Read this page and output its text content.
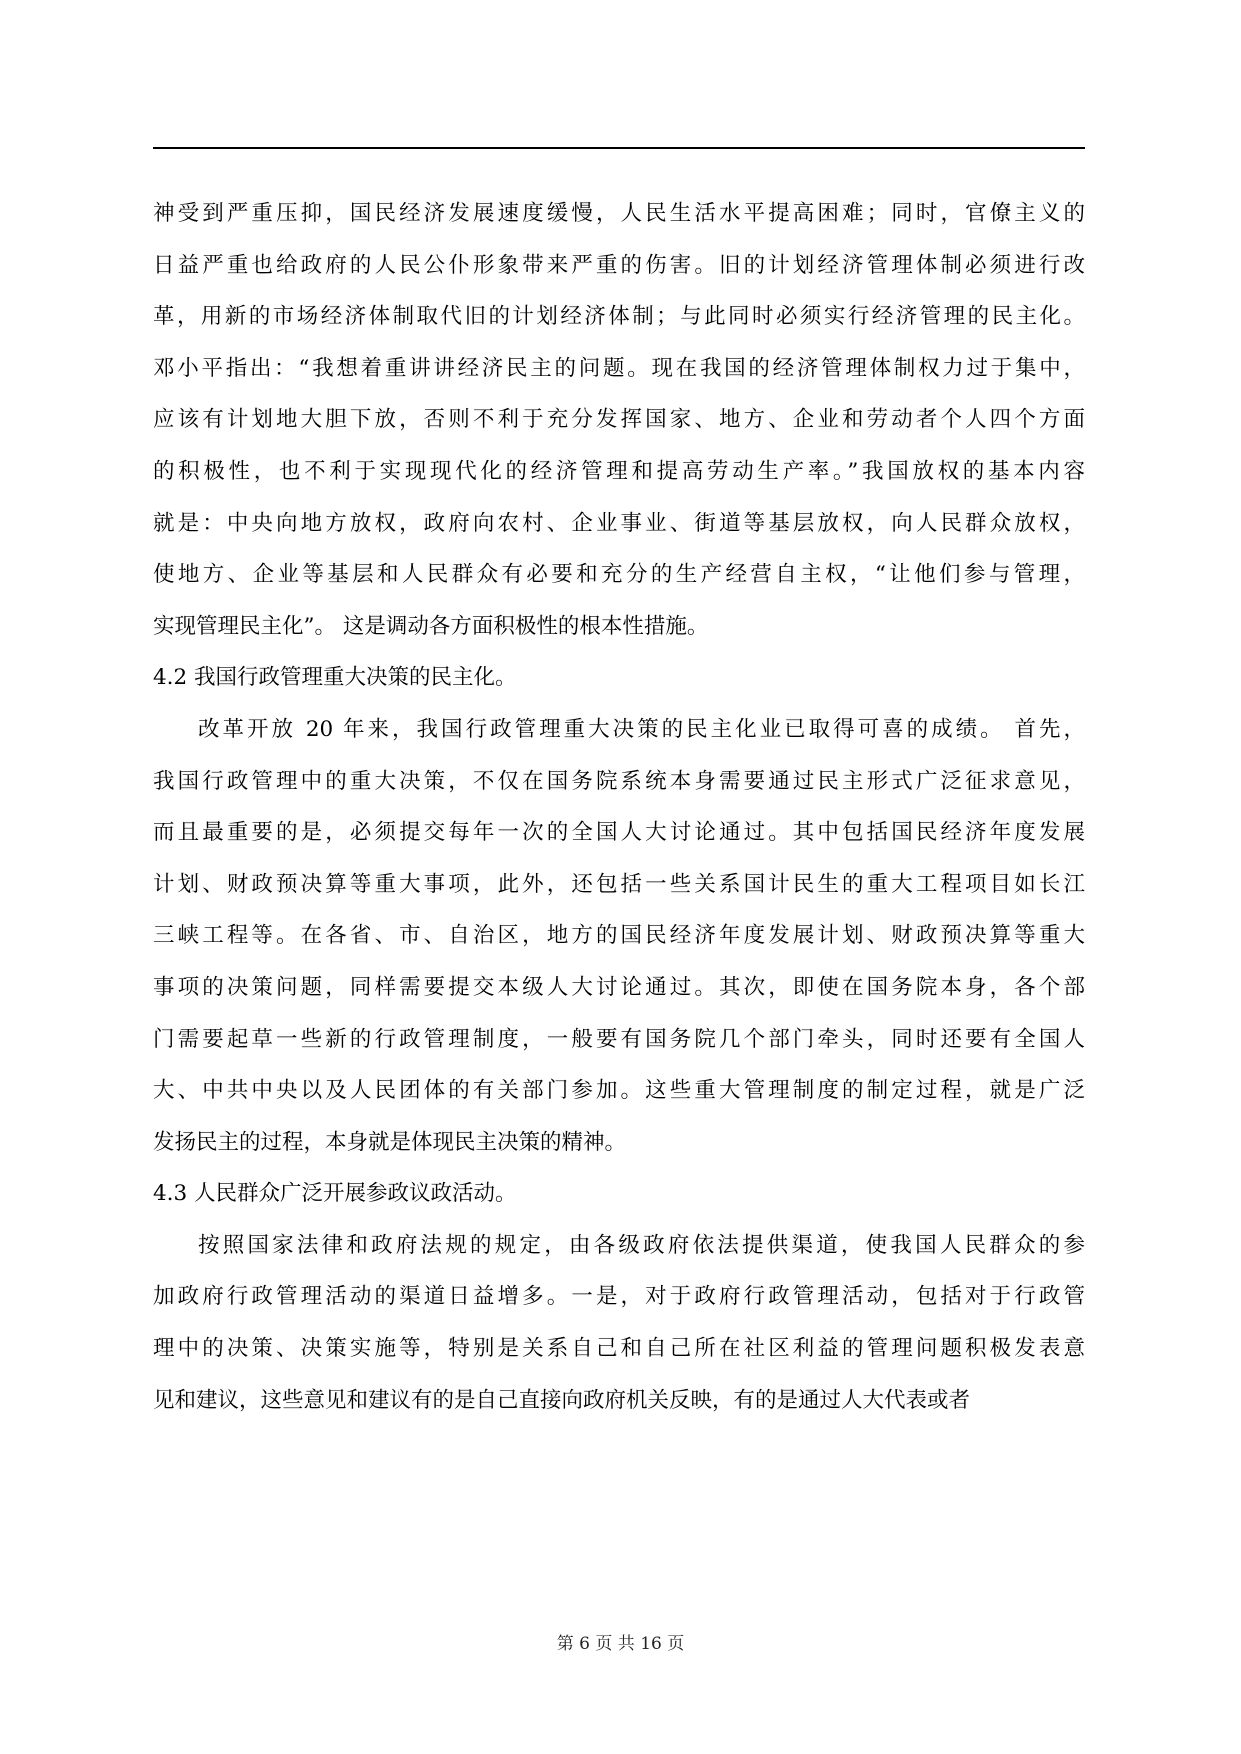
神受到严重压抑，国民经济发展速度缓慢，人民生活水平提高困难；同时，官僚主义的
日益严重也给政府的人民公仆形象带来严重的伤害。旧的计划经济管理体制必须进行改
革，用新的市场经济体制取代旧的计划经济体制；与此同时必须实行经济管理的民主化。
邓小平指出：“我想着重讲讲经济民主的问题。现在我国的经济管理体制权力过于集中，
应该有计划地大胆下放，否则不利于充分发挥国家、地方、企业和劳动者个人四个方面
的积极性，也不利于实现现代化的经济管理和提高劳动生产率。”我国放权的基本内容
就是：中央向地方放权，政府向农村、企业事业、街道等基层放权，向人民群众放权，
使地方、企业等基层和人民群众有必要和充分的生产经营自主权，“让他们参与管理，
实现管理民主化”。 这是调动各方面积极性的根本性措施。
4.2 我国行政管理重大决策的民主化。
改革开放 20 年来，我国行政管理重大决策的民主化业已取得可喜的成绩。 首先，
我国行政管理中的重大决策，不仅在国务院系统本身需要通过民主形式广泛征求意见，
而且最重要的是，必须提交每年一次的全国人大讨论通过。其中包括国民经济年度发展
计划、财政预决算等重大事项，此外，还包括一些关系国计民生的重大工程项目如长江
三峡工程等。在各省、市、自治区，地方的国民经济年度发展计划、财政预决算等重大
事项的决策问题，同样需要提交本级人大讨论通过。其次，即使在国务院本身，各个部
门需要起草一些新的行政管理制度，一般要有国务院几个部门牵头，同时还要有全国人
大、中共中央以及人民团体的有关部门参加。这些重大管理制度的制定过程，就是广泛
发扬民主的过程，本身就是体现民主决策的精神。
4.3 人民群众广泛开展参政议政活动。
按照国家法律和政府法规的规定，由各级政府依法提供渠道，使我国人民群众的参
加政府行政管理活动的渠道日益增多。一是，对于政府行政管理活动，包括对于行政管
理中的决策、决策实施等，特别是关系自己和自己所在社区利益的管理问题积极发表意
见和建议，这些意见和建议有的是自己直接向政府机关反映，有的是通过人大代表或者
第 6 页 共 16 页
